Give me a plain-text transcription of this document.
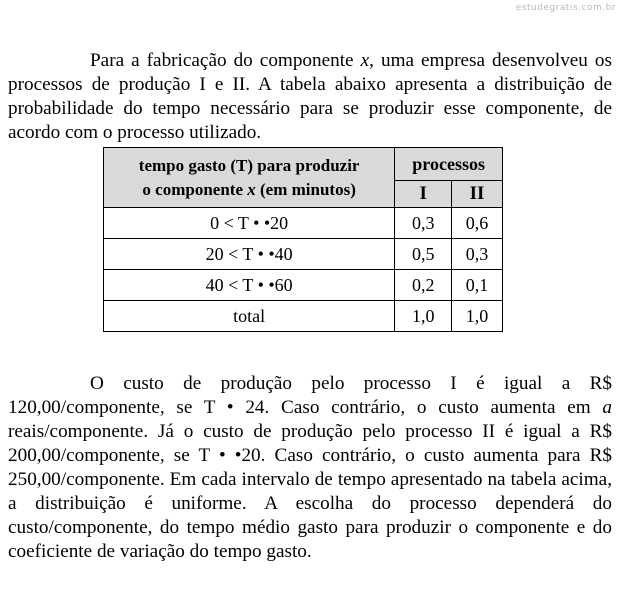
estudegratis.com.br

Para a fabricação do componente x, uma empresa desenvolveu os processos de produção I e II. A tabela abaixo apresenta a distribuição de probabilidade do tempo necessário para se produzir esse componente, de acordo com o processo utilizado.

tempo gasto (T) para produzir
o componente x (em minutos)	processos	
	I	II
0 < T • •20	0,3	0,6
20 < T • •40	0,5	0,3
40 < T • •60	0,2	0,1
total	1,0	1,0

O custo de produção pelo processo I é igual a R$ 120,00/componente, se T • 24. Caso contrário, o custo aumenta em a reais/componente. Já o custo de produção pelo processo II é igual a R$ 200,00/componente, se T • •20. Caso contrário, o custo aumenta para R$ 250,00/componente. Em cada intervalo de tempo apresentado na tabela acima, a distribuição é uniforme. A escolha do processo dependerá do custo/componente, do tempo médio gasto para produzir o componente e do coeficiente de variação do tempo gasto.
